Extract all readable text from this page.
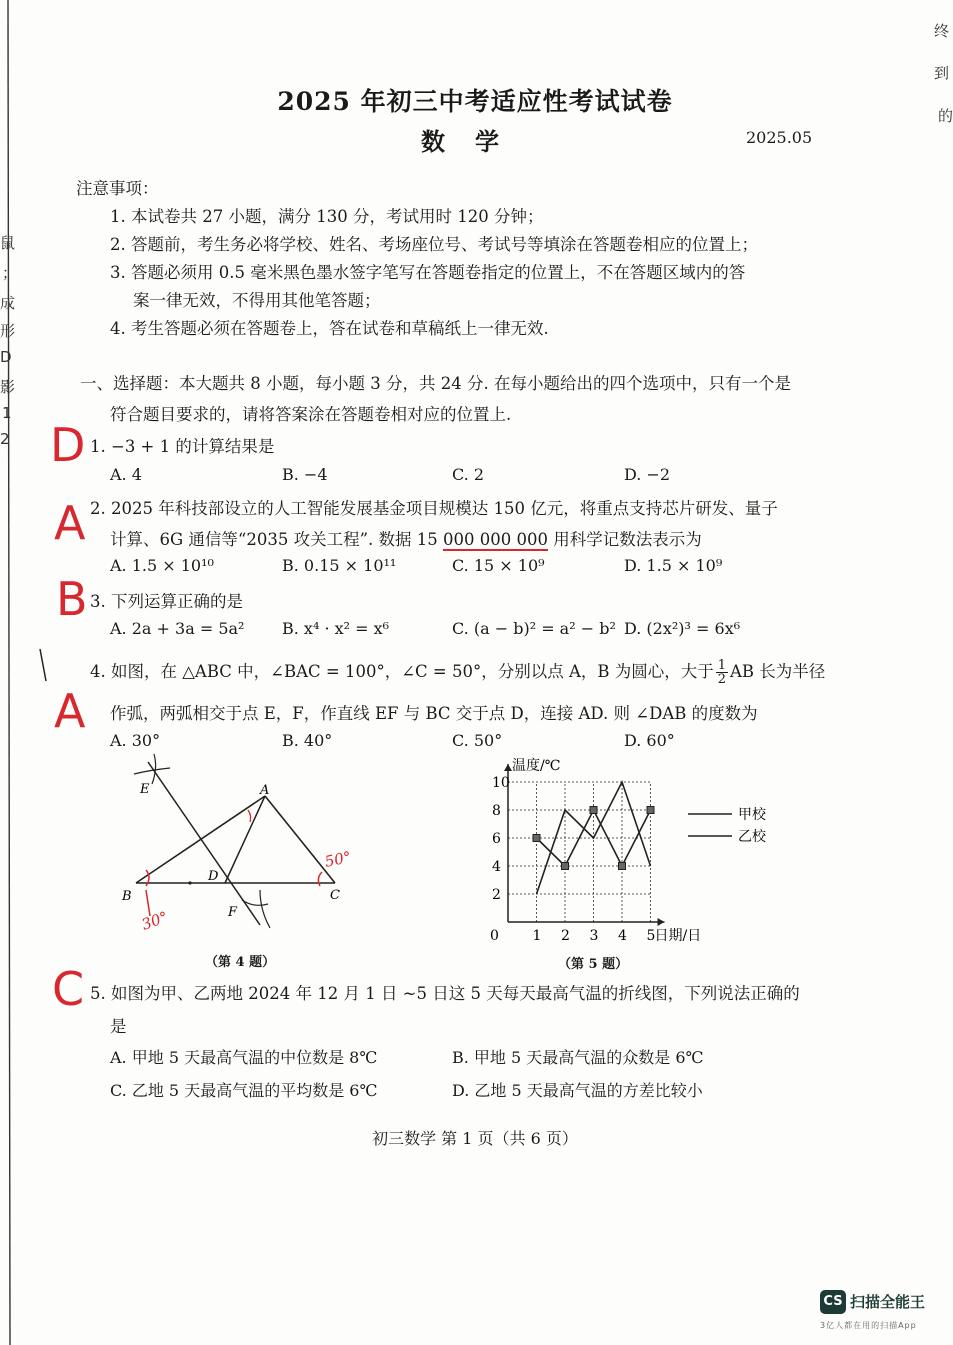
终
到
的
鼠
；
成
形
D
影
1
2
2025 年初三中考适应性考试试卷
数学	2025.05
注意事项：
1. 本试卷共 27 小题，满分 130 分，考试用时 120 分钟；
2. 答题前，考生务必将学校、姓名、考场座位号、考试号等填涂在答题卷相应的位置上；
3. 答题必须用 0.5 毫米黑色墨水签字笔写在答题卷指定的位置上，不在答题区域内的答
案一律无效，不得用其他笔答题；
4. 考生答题必须在答题卷上，答在试卷和草稿纸上一律无效.
一、选择题：本大题共 8 小题，每小题 3 分，共 24 分. 在每小题给出的四个选项中，只有一个是
符合题目要求的，请将答案涂在答题卷相对应的位置上.
D 1. −3 + 1 的计算结果是
A. 4	B. −4	C. 2	D. −2
A 2. 2025 年科技部设立的人工智能发展基金项目规模达 150 亿元，将重点支持芯片研发、量子
计算、6G 通信等“2035 攻关工程”. 数据 15 000 000 000 用科学记数法表示为
A. 1.5 × 10¹⁰	B. 0.15 × 10¹¹	C. 15 × 10⁹	D. 1.5 × 10⁹
B 3. 下列运算正确的是
A. 2a + 3a = 5a² B. x⁴ · x² = x⁶	C. (a − b)² = a² − b² D. (2x²)³ = 6x⁶
4. 如图，在 △ABC 中，∠BAC = 100°，∠C = 50°，分别以点 A，B 为圆心，大于 $\frac{1}{2}$ AB 长为半径
A 作弧，两弧相交于点 E，F，作直线 EF 与 BC 交于点 D，连接 AD. 则 ∠DAB 的度数为
A. 30°	B. 40°	C. 50°	D. 60°
50°
30°
A
B	C
D
E
F
（第 4 题）
2
4
6
8
10
1 2 3 4 5
0
温度/℃
日期/日
甲校
乙校
（第 5 题）
C 5. 如图为甲、乙两地 2024 年 12 月 1 日 ~5 日这 5 天每天最高气温的折线图，下列说法正确的
是
A. 甲地 5 天最高气温的中位数是 8℃	B. 甲地 5 天最高气温的众数是 6℃
C. 乙地 5 天最高气温的平均数是 6℃	D. 乙地 5 天最高气温的方差比较小
初三数学 第 1 页（共 6 页）
CS 扫描全能王
3亿人都在用的扫描App
